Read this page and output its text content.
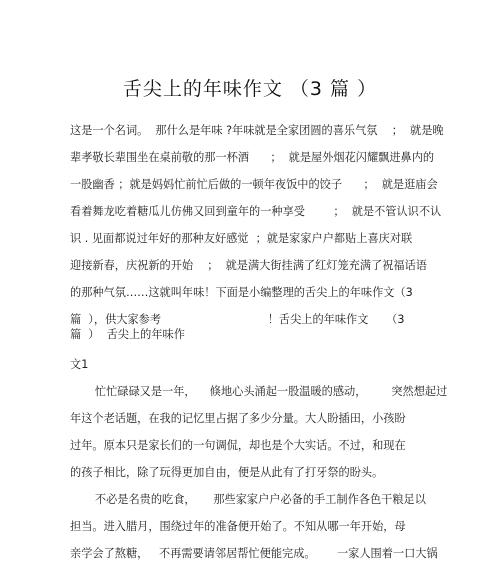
舌尖上的年味作文 （3 篇 ）
这是一个名词。  那什么是年味 ?年味就是全家团圆的喜乐气氛    ；  就是晚
辈孝敬长辈围坐在桌前敬的那一杯酒      ；  就是屋外烟花闪耀飘进鼻内的
一股幽香 ；就是妈妈忙前忙后做的一顿年夜饭中的饺子      ；  就是逛庙会
看着舞龙吃着糖瓜儿仿佛又回到童年的一种享受        ；  就是不管认识不认
识 . 见面都说过年好的那种友好感觉  ；就是家家户户都贴上喜庆对联
迎接新春，庆祝新的开始    ；  就是满大街挂满了红灯笼充满了祝福话语
的那种气氛……这就叫年味！下面是小编整理的舌尖上的年味作文（3
篇  ），供大家参考                              ！舌尖上的年味作文     （3
篇  ）  舌尖上的年味作
文1
忙忙碌碌又是一年，    倏地心头涌起一股温暖的感动，       突然想起过
年这个老话题，在我的记忆里占据了多少分量。大人盼插田，小孩盼
过年。原本只是家长们的一句调侃，却也是个大实话。不过，和现在
的孩子相比，除了玩得更加自由，便是从此有了打牙祭的盼头。
不必是名贵的吃食，     那些家家户户必备的手工制作各色干粮足以
担当。进入腊月，围绕过年的准备便开始了。不知从哪一年开始，母
亲学会了熬糖，   不再需要请邻居帮忙便能完成。      一家人围着一口大锅
